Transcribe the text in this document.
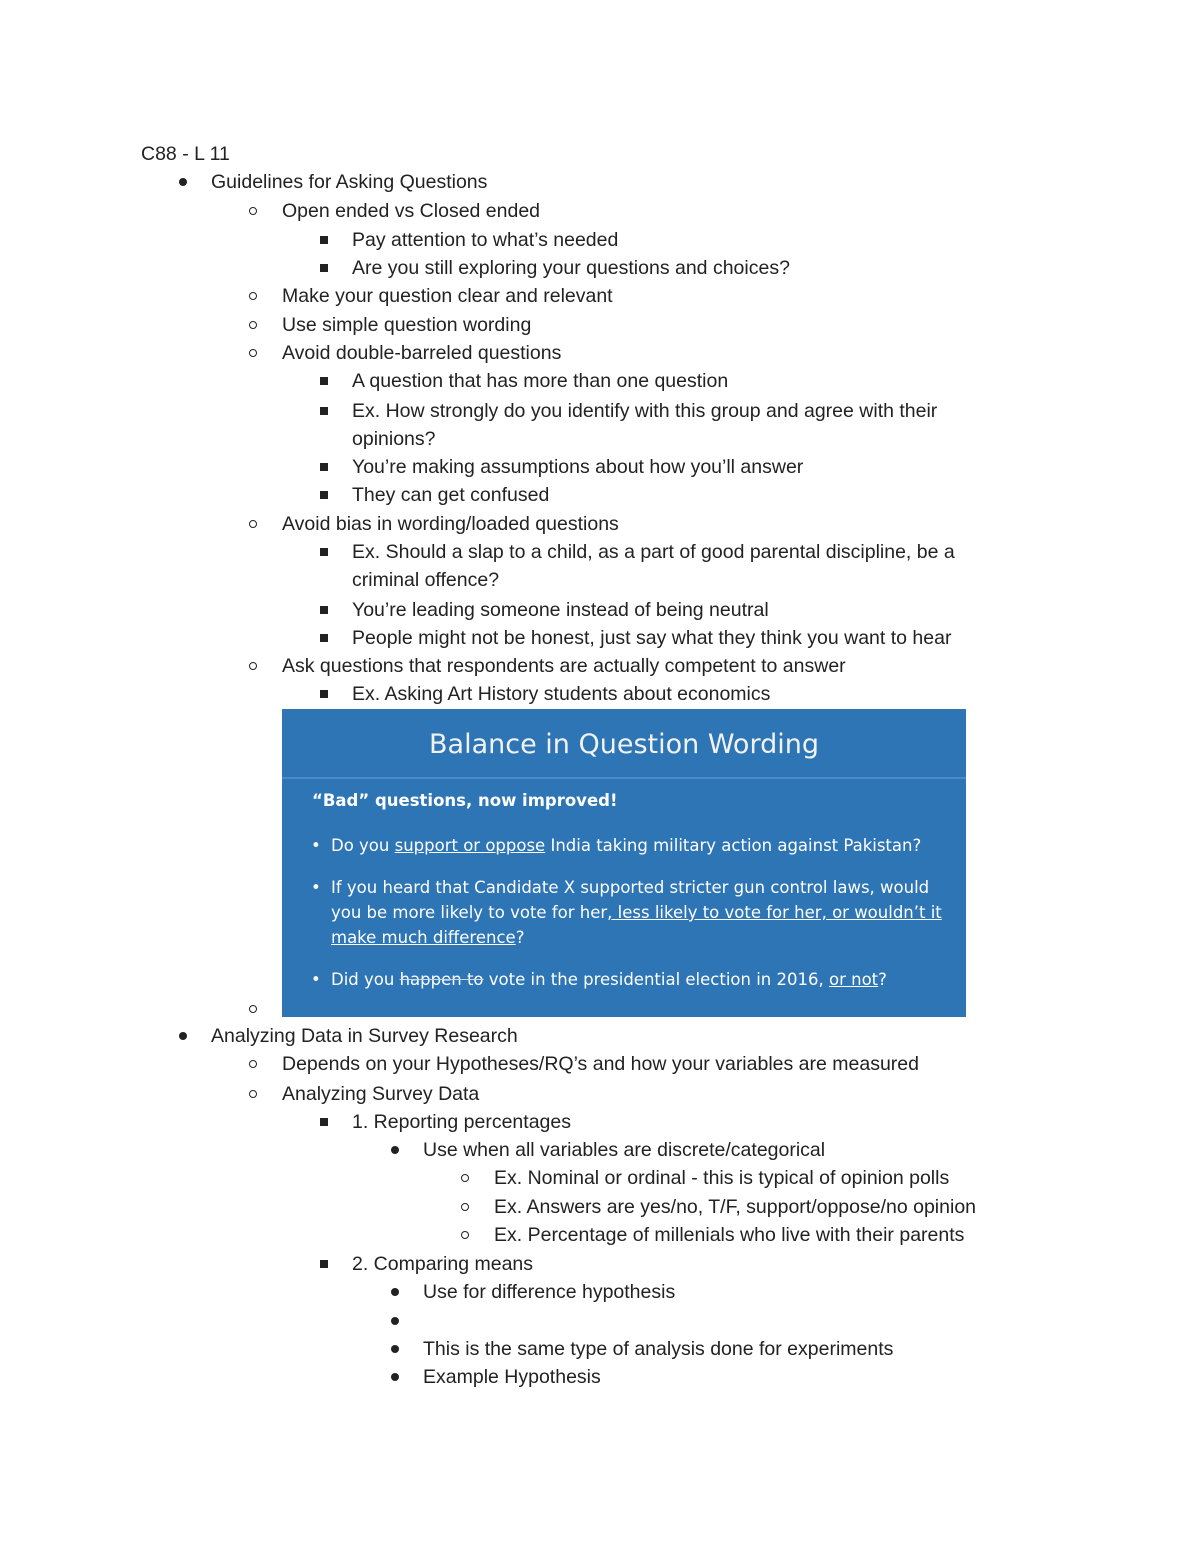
C88 - L 11
Guidelines for Asking Questions
Open ended vs Closed ended
Pay attention to what’s needed
Are you still exploring your questions and choices?
Make your question clear and relevant
Use simple question wording
Avoid double-barreled questions
A question that has more than one question
Ex. How strongly do you identify with this group and agree with their opinions?
You’re making assumptions about how you’ll answer
They can get confused
Avoid bias in wording/loaded questions
Ex. Should a slap to a child, as a part of good parental discipline, be a criminal offence?
You’re leading someone instead of being neutral
People might not be honest, just say what they think you want to hear
Ask questions that respondents are actually competent to answer
Ex. Asking Art History students about economics
Balance in Question Wording
“Bad” questions, now improved!
• Do you support or oppose India taking military action against Pakistan?
• If you heard that Candidate X supported stricter gun control laws, would you be more likely to vote for her, less likely to vote for her, or wouldn’t it make much difference?
• Did you happen to vote in the presidential election in 2016, or not?
Analyzing Data in Survey Research
Depends on your Hypotheses/RQ’s and how your variables are measured
Analyzing Survey Data
1. Reporting percentages
Use when all variables are discrete/categorical
Ex. Nominal or ordinal - this is typical of opinion polls
Ex. Answers are yes/no, T/F, support/oppose/no opinion
Ex. Percentage of millenials who live with their parents
2. Comparing means
Use for difference hypothesis
This is the same type of analysis done for experiments
Example Hypothesis
